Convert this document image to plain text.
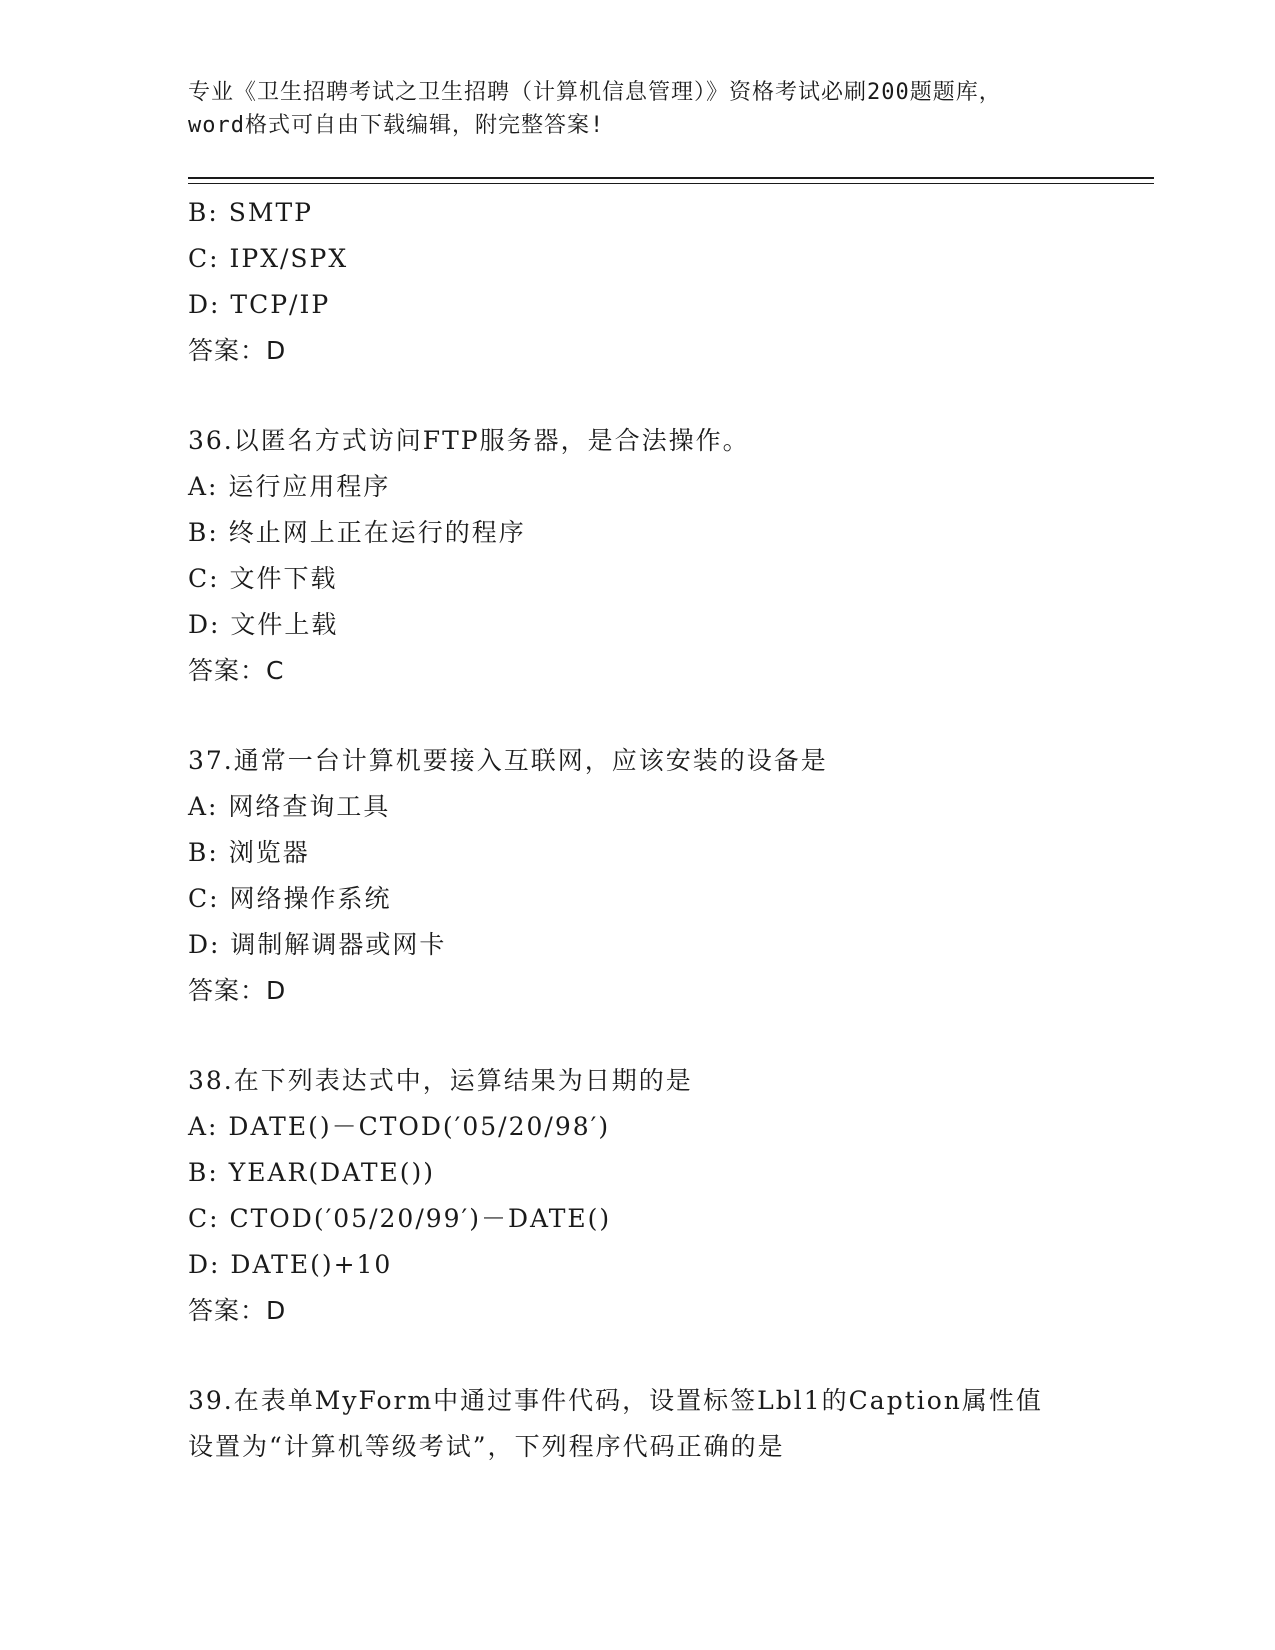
专业《卫生招聘考试之卫生招聘（计算机信息管理）》资格考试必刷200题题库，
word格式可自由下载编辑，附完整答案!
B: SMTP
C: IPX/SPX
D: TCP/IP
答案：D
36.以匿名方式访问FTP服务器，是合法操作。
A: 运行应用程序
B: 终止网上正在运行的程序
C: 文件下载
D: 文件上载
答案：C
37.通常一台计算机要接入互联网，应该安装的设备是
A: 网络查询工具
B: 浏览器
C: 网络操作系统
D: 调制解调器或网卡
答案：D
38.在下列表达式中，运算结果为日期的是
A: DATE()－CTOD(′05/20/98′)
B: YEAR(DATE())
C: CTOD(′05/20/99′)－DATE()
D: DATE()+10
答案：D
39.在表单MyForm中通过事件代码，设置标签Lbl1的Caption属性值
设置为“计算机等级考试”，下列程序代码正确的是
